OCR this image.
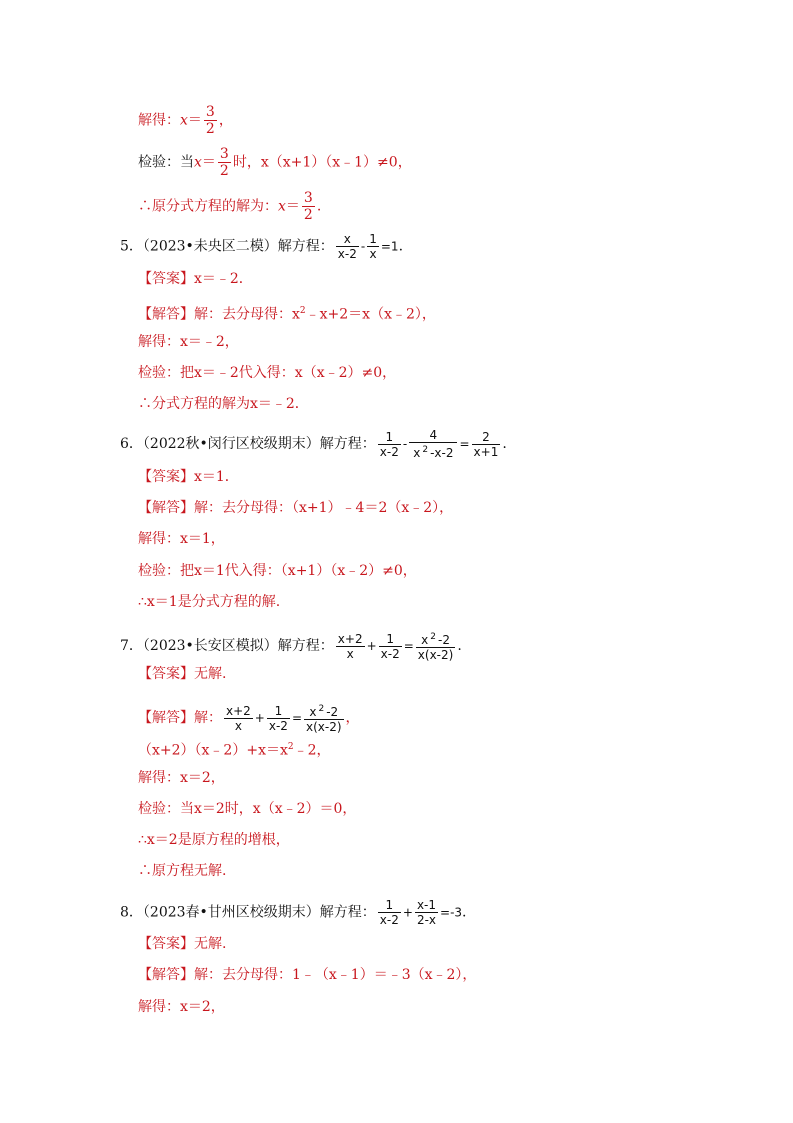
解得：$x= \frac{3}{2}$ ，
检验：当$x= \frac{3}{2}$ 时，x（x+1）（x﹣1）≠0，
∴原分式方程的解为：$x= \frac{3}{2}$ .
5．（2023•未央区二模）解方程： $\frac{x}{x-2} - \frac{1}{x} =1$.
【答案】x＝﹣2．
【解答】解：去分母得：$x^2﹣x+2=x(x﹣2)$，
解得：x＝﹣2，
检验：把x＝﹣2代入得：x（x﹣2）≠0，
∴分式方程的解为x＝﹣2．
6．（2022秋•闵行区校级期末）解方程： $\frac{1}{x-2} - \frac{4}{x ^2 -x-2} = \frac{2}{x+1}$ .
【答案】x＝1．
【解答】解：去分母得：（x+1）﹣4＝2（x﹣2），
解得：x＝1，
检验：把x＝1代入得：（x+1）（x﹣2）≠0，
∴x＝1是分式方程的解.
7．（2023•长安区模拟）解方程： $\frac{x+2}{x} + \frac{1}{x-2} = \frac{x ^2 -2}{x(x-2)}$ .
【答案】无解.
【解答】解： $\frac{x+2}{x} + \frac{1}{x-2} = \frac{x ^2 -2}{x(x-2)}$ ，
$(x+2)(x﹣2)+x=x^2﹣2$，
解得：x＝2，
检验：当x＝2时，x（x﹣2）＝0，
∴x＝2是原方程的增根，
∴原方程无解.
8．（2023春•甘州区校级期末）解方程： $\frac{1}{x-2} + \frac{x-1}{2-x} =-3$.
【答案】无解.
【解答】解：去分母得：1﹣（x﹣1）＝﹣3（x﹣2），
解得：x＝2，
